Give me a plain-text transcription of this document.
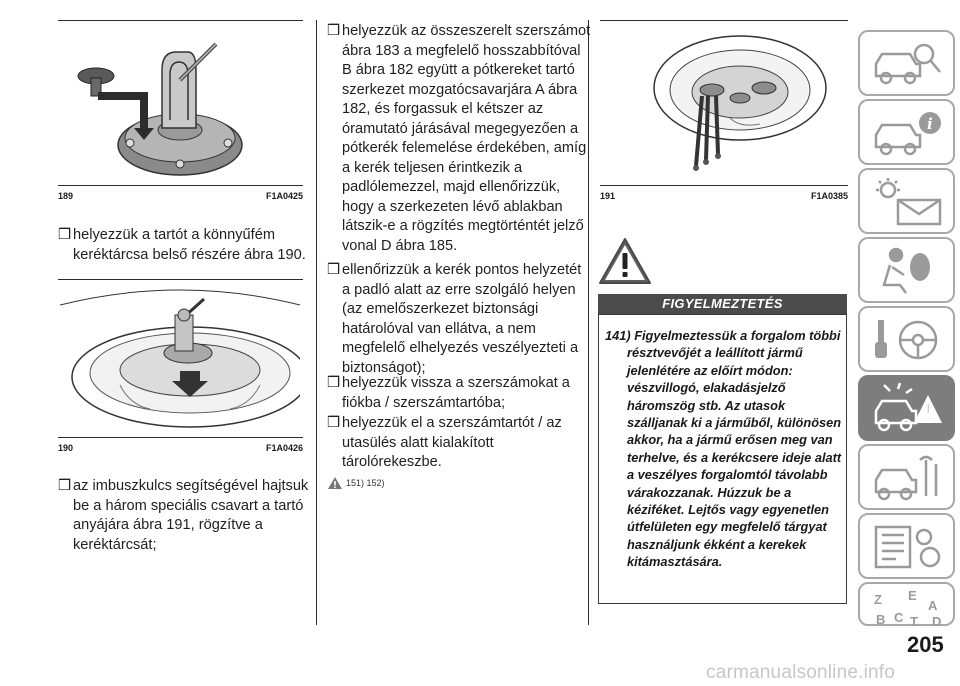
189	F1A0425
❒ helyezzük a tartót a könnyűfém keréktárcsa belső részére ábra 190.
190	F1A0426
❒ az imbuszkulcs segítségével hajtsuk be a három speciális csavart a tartó anyájára ábra 191, rögzítve a keréktárcsát;
❒ helyezzük az összeszerelt szerszámot ábra 183 a megfelelő hosszabbítóval B ábra 182 együtt a pótkereket tartó szerkezet mozgatócsavarjára A ábra 182, és forgassuk el kétszer az óramutató járásával megegyezően a pótkerék felemelése érdekében, amíg a kerék teljesen érintkezik a padlólemezzel, majd ellenőrizzük, hogy a szerkezeten lévő ablakban látszik-e a rögzítés megtörténtét jelző vonal D ábra 185.
❒ ellenőrizzük a kerék pontos helyzetét a padló alatt az erre szolgáló helyen (az emelőszerkezet biztonsági határolóval van ellátva, a nem megfelelő elhelyezés veszélyezteti a biztonságot);
❒ helyezzük vissza a szerszámokat a fiókba / szerszámtartóba;
❒ helyezzük el a szerszámtartót / az utasülés alatt kialakított tárolórekeszbe.
151) 152)
191	F1A0385
FIGYELMEZTETÉS
141) Figyelmeztessük a forgalom többi résztvevőjét a leállított jármű jelenlétére az előírt módon: vészvillogó, elakadásjelző háromszög stb. Az utasok szálljanak ki a járműből, különösen akkor, ha a jármű erősen meg van terhelve, és a kerékcsere ideje alatt a veszélyes forgalomtól távolabb várakozzanak. Húzzuk be a kéziféket. Lejtős vagy egyenetlen útfelületen egy megfelelő tárgyat használjunk ékként a kerekek kitámasztására.
i
Z E
A
B C T D
205
carmanualsonline.info
